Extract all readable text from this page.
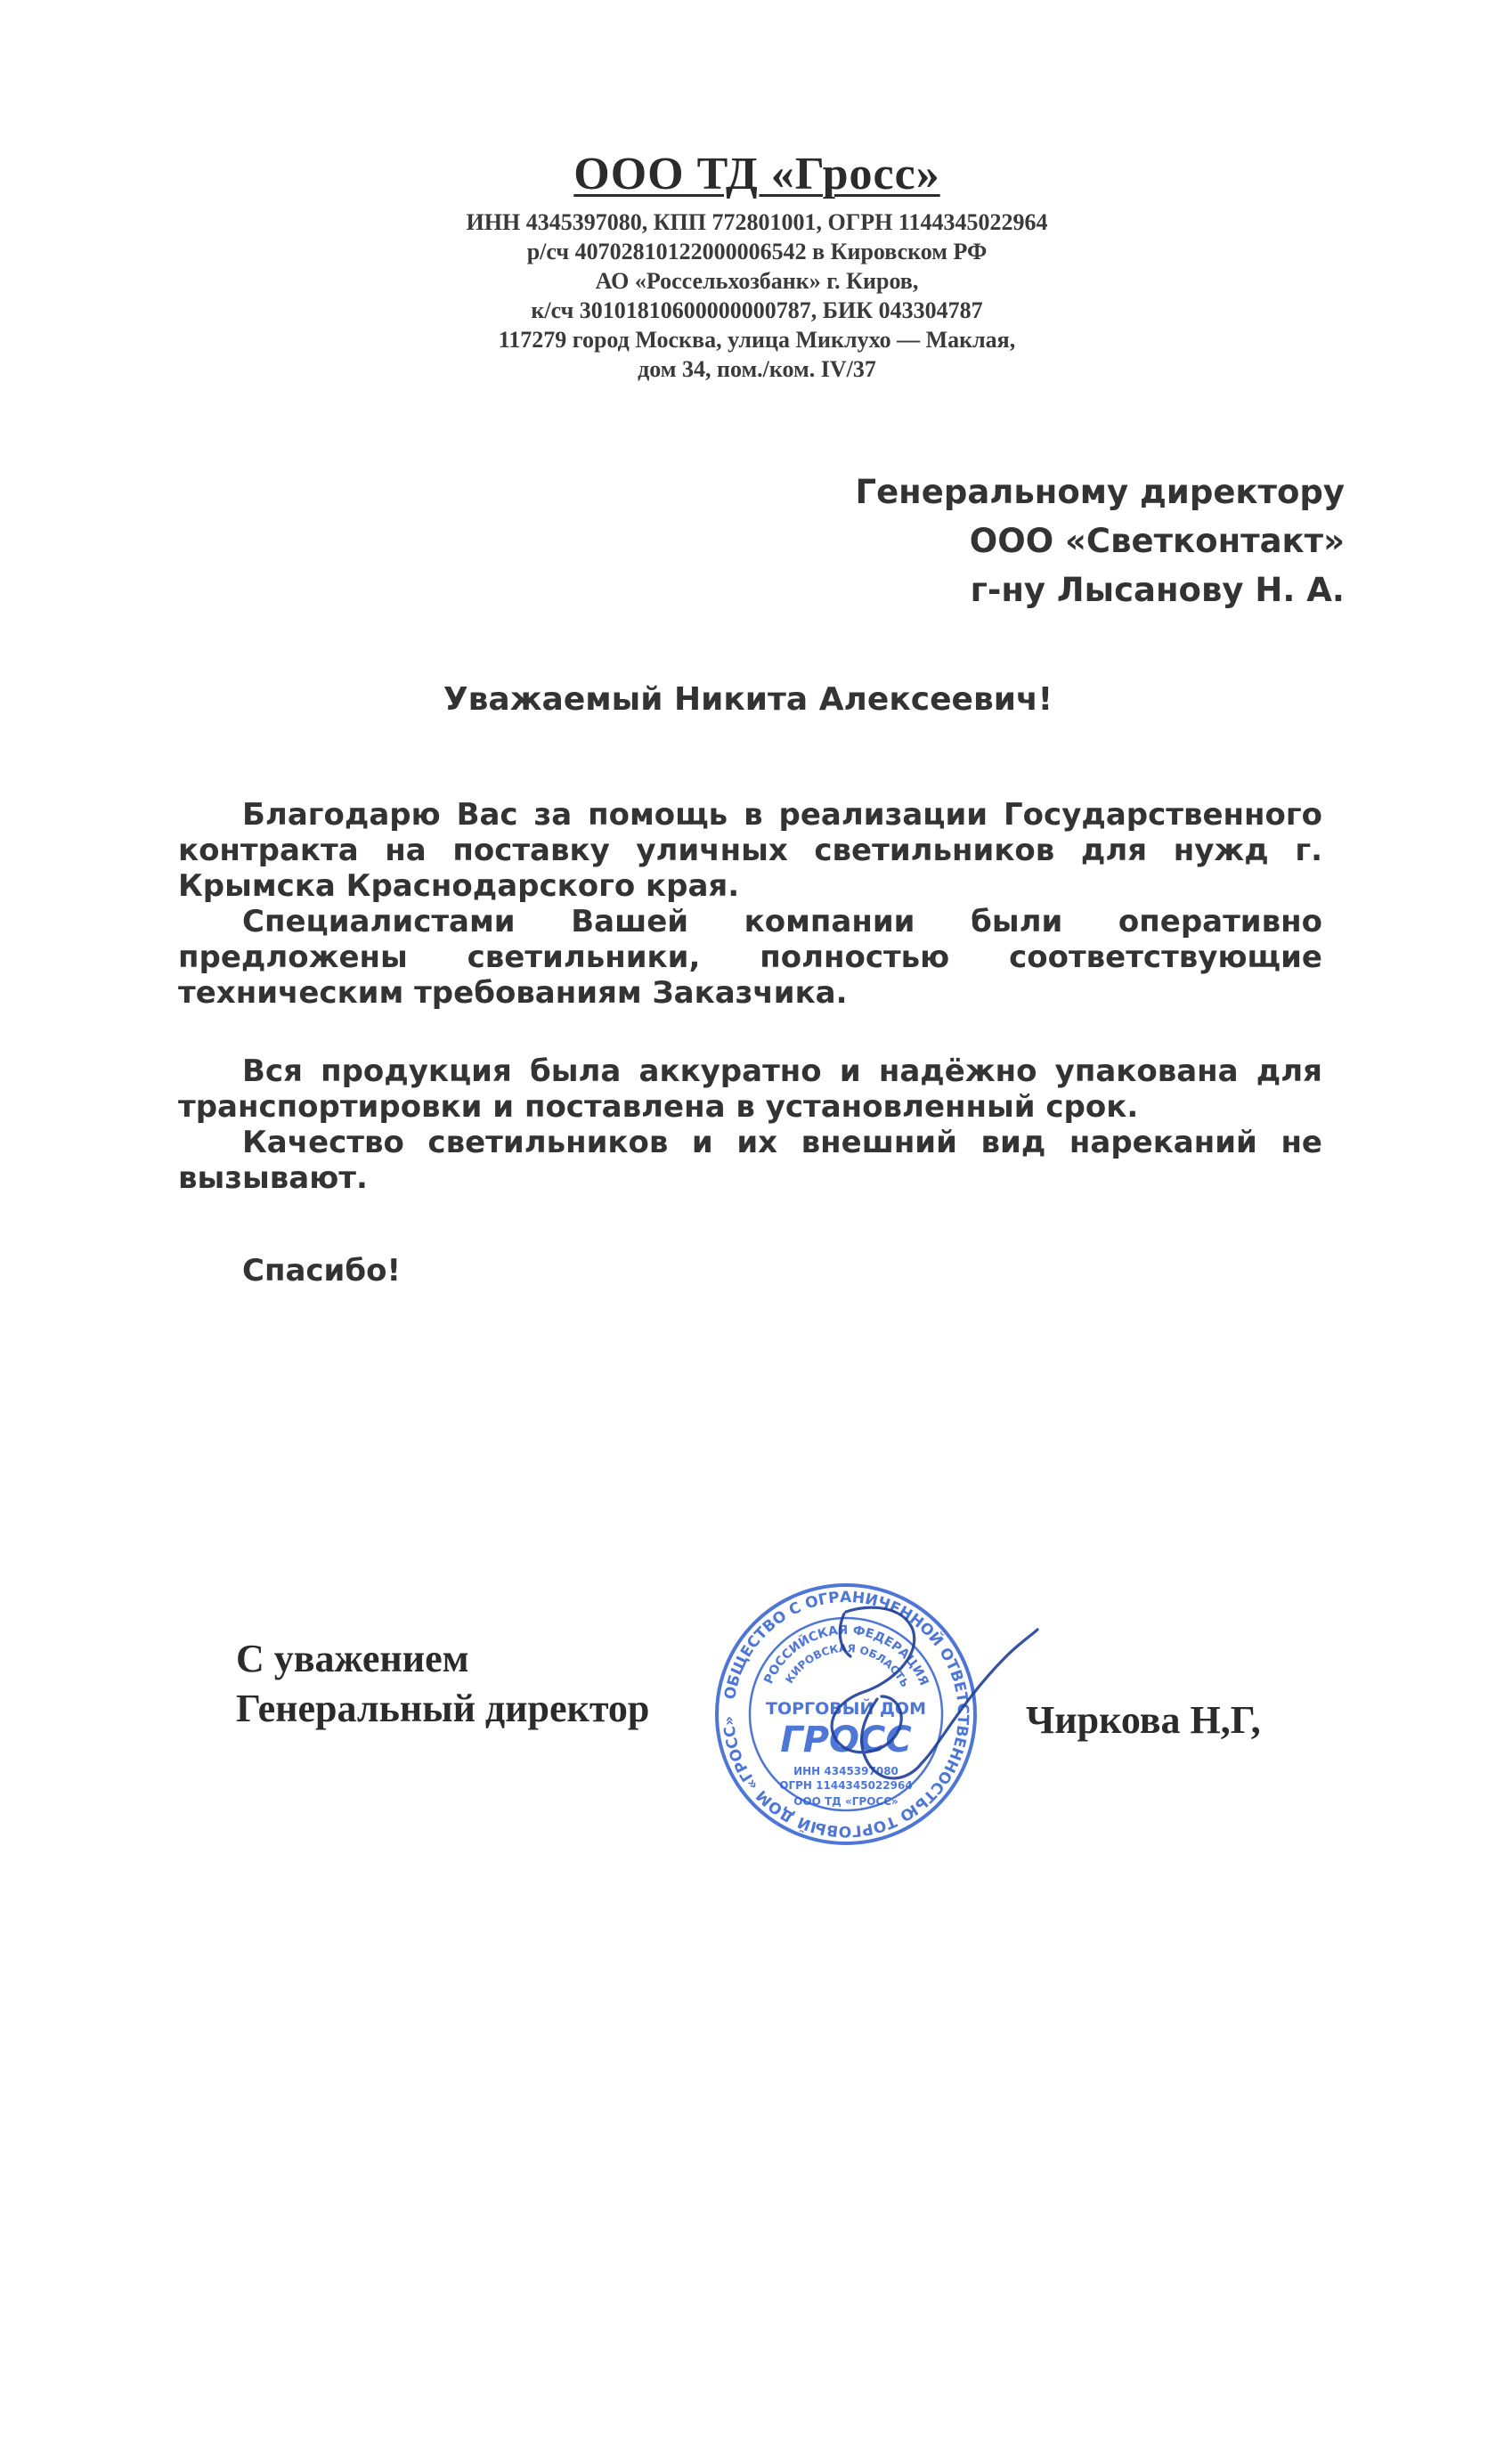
ООО ТД «Гросс»
ИНН 4345397080, КПП 772801001, ОГРН 1144345022964
р/сч 40702810122000006542 в Кировском РФ
АО «Россельхозбанк» г. Киров,
к/сч 30101810600000000787, БИК 043304787
117279 город Москва, улица Миклухо — Маклая,
дом 34, пом./ком. IV/37
Генеральному директору
ООО «Светконтакт»
г-ну Лысанову Н. А.
Уважаемый Никита Алексеевич!

Благодарю Вас за помощь в реализации Государственного контракта на поставку уличных светильников для нужд г. Крымска Краснодарского края.

Специалистами Вашей компании были оперативно предложены светильники, полностью соответствующие техническим требованиям Заказчика.

Вся продукция была аккуратно и надёжно упакована для транспортировки и поставлена в установленный срок.

Качество светильников и их внешний вид нареканий не вызывают.

Спасибо!

С уважением
Генеральный директор	ОБЩЕСТВО С ОГРАНИЧЕННОЙ ОТВЕТСТВЕННОСТЬЮ ТОРГОВЫЙ ДОМ «ГРОСС»
РОССИЙСКАЯ ФЕДЕРАЦИЯ
КИРОВСКАЯ ОБЛАСТЬ
ТОРГОВЫЙ ДОМ
ГРОСС
ИНН 4345397080
ОГРН 1144345022964
ООО ТД «ГРОСС»
Чиркова Н,Г,
